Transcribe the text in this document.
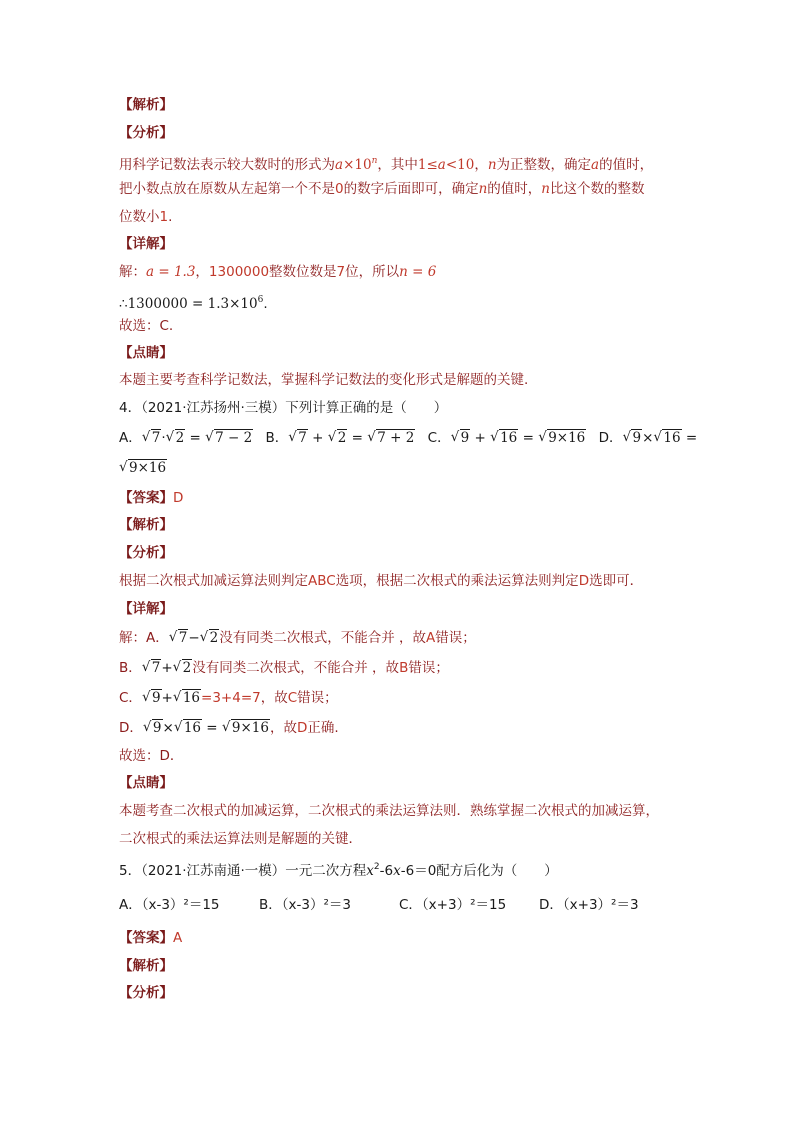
【解析】
【分析】
用科学记数法表示较大数时的形式为$a\times 10^n$，其中1≤a<10，n为正整数，确定a的值时，
把小数点放在原数从左起第一个不是0的数字后面即可，确定n的值时，n比这个数的整数
位数小1.
【详解】
解：a = 1.3，1300000整数位数是7位，所以n = 6
∴1300000 = $1.3\times 10^6$.
故选：C.
【点睛】
本题主要考查科学记数法，掌握科学记数法的变化形式是解题的关键.
4．（2021·江苏扬州·三模）下列计算正确的是（　　）
A． √ 7· √ 2 = √ 7 − 2 B． √ 7 + √ 2 = √ 7 + 2 C． √ 9 + √ 16 = √ 9×16 D． √ 9× √ 16 =
√ 9×16
【答案】D
【解析】
【分析】
根据二次根式加减运算法则判定ABC选项，根据二次根式的乘法运算法则判定D选即可．
【详解】
解：A． √ 7− √ 2没有同类二次根式，不能合并 ，故A错误；
B． √ 7+ √ 2没有同类二次根式，不能合并 ，故B错误；
C． √ 9+ √ 16=3+4=7，故C错误；
D． √ 9× √ 16 = √ 9×16，故D正确.
故选：D．
【点睛】
本题考查二次根式的加减运算，二次根式的乘法运算法则．熟练掌握二次根式的加减运算，
二次根式的乘法运算法则是解题的关键．
5．（2021·江苏南通·一模）一元二次方程$x^2-6x-6=0$配方后化为（　　）
A．（x-3）²＝15	B．（x-3）²＝3	C．（x+3）²＝15 D．（x+3）²＝3
【答案】A
【解析】
【分析】
